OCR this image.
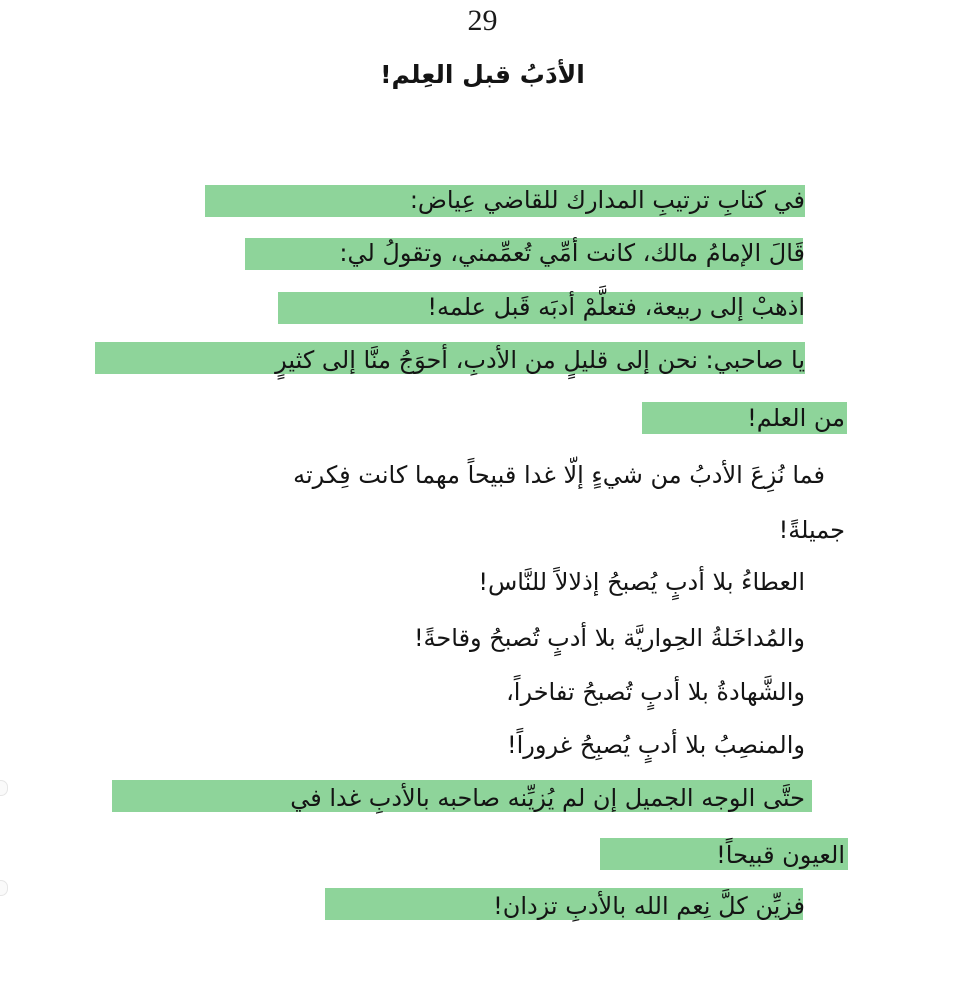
29
الأدَبُ قبل العِلم!
في كتابِ ترتيبِ المدارك للقاضي عِياض:
قَالَ الإمامُ مالك، كانت أمِّي تُعمِّمني، وتقولُ لي:
اذهبْ إلى ربيعة، فتعلَّمْ أدبَه قَبل علمه!
يا صاحبي: نحن إلى قليلٍ من الأدبِ، أحوَجُ منَّا إلى كثيرٍ
من العلم!
فما نُزِعَ الأدبُ من شيءٍ إلّا غدا قبيحاً مهما كانت فِكرته
جميلةً!
العطاءُ بلا أدبٍ يُصبحُ إذلالاً للنَّاس!
والمُداخَلةُ الحِواريَّة بلا أدبٍ تُصبحُ وقاحةً!
والشَّهادةُ بلا أدبٍ تُصبحُ تفاخراً،
والمنصِبُ بلا أدبٍ يُصبِحُ غروراً!
حتَّى الوجه الجميل إن لم يُزيِّنه صاحبه بالأدبِ غدا في
العيون قبيحاً!
فزيِّن كلَّ نِعم الله بالأدبِ تزدان!
